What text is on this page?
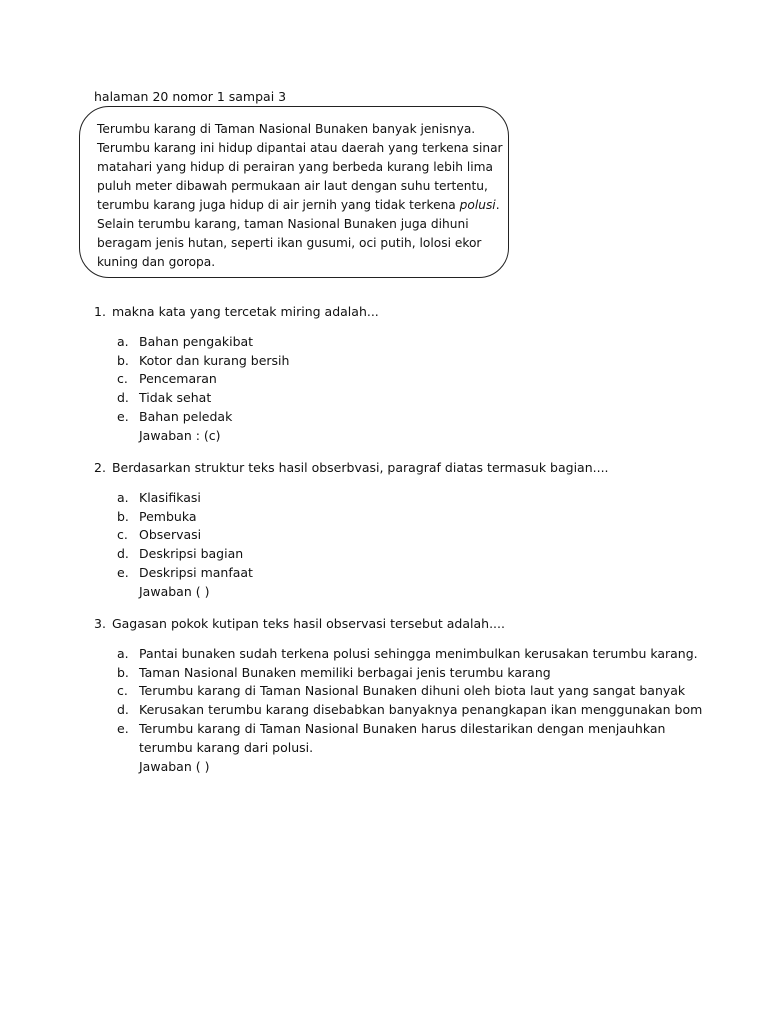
halaman 20 nomor 1 sampai 3
Terumbu karang di Taman Nasional Bunaken banyak jenisnya.
Terumbu karang ini hidup dipantai atau daerah yang terkena sinar
matahari yang hidup di perairan yang berbeda kurang lebih lima
puluh meter dibawah permukaan air laut dengan suhu tertentu,
terumbu karang juga hidup di air jernih yang tidak terkena polusi.
Selain terumbu karang, taman Nasional Bunaken juga dihuni
beragam jenis hutan, seperti ikan gusumi, oci putih, lolosi ekor
kuning dan goropa.
1. makna kata yang tercetak miring adalah...
a. Bahan pengakibat
b. Kotor dan kurang bersih
c. Pencemaran
d. Tidak sehat
e. Bahan peledak
Jawaban : (c)
2. Berdasarkan struktur teks hasil obserbvasi, paragraf diatas termasuk bagian....
a. Klasifikasi
b. Pembuka
c. Observasi
d. Deskripsi bagian
e. Deskripsi manfaat
Jawaban ( )
3. Gagasan pokok kutipan teks hasil observasi tersebut adalah....
a. Pantai bunaken sudah terkena polusi sehingga menimbulkan kerusakan terumbu karang.
b. Taman Nasional Bunaken memiliki berbagai jenis terumbu karang
c. Terumbu karang di Taman Nasional Bunaken dihuni oleh biota laut yang sangat banyak
d. Kerusakan terumbu karang disebabkan banyaknya penangkapan ikan menggunakan bom
e. Terumbu karang di Taman Nasional Bunaken harus dilestarikan dengan menjauhkan
terumbu karang dari polusi.
Jawaban ( )
